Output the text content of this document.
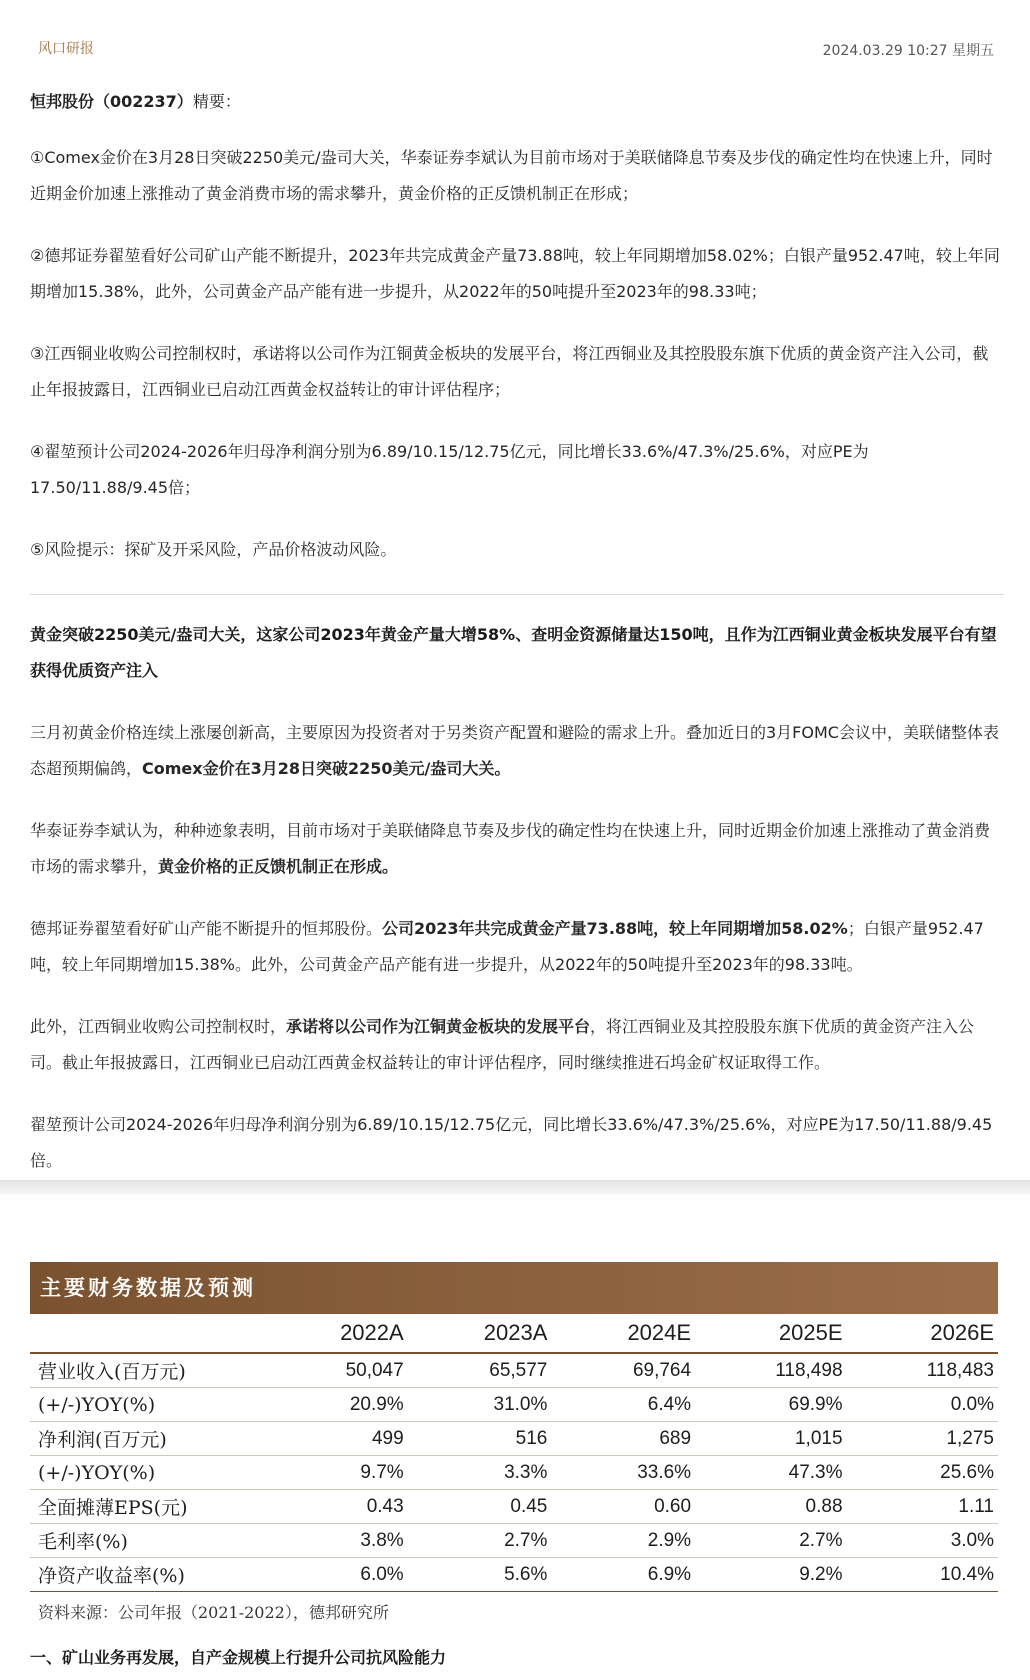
风口研报	2024.03.29 10:27 星期五
恒邦股份（002237）精要：

①Comex金价在3月28日突破2250美元/盎司大关，华泰证券李斌认为目前市场对于美联储降息节奏及步伐的确定性均在快速上升，同时近期金价加速上涨推动了黄金消费市场的需求攀升，黄金价格的正反馈机制正在形成；

②德邦证券翟堃看好公司矿山产能不断提升，2023年共完成黄金产量73.88吨，较上年同期增加58.02%；白银产量952.47吨，较上年同期增加15.38%，此外，公司黄金产品产能有进一步提升，从2022年的50吨提升至2023年的98.33吨；

③江西铜业收购公司控制权时，承诺将以公司作为江铜黄金板块的发展平台，将江西铜业及其控股股东旗下优质的黄金资产注入公司，截止年报披露日，江西铜业已启动江西黄金权益转让的审计评估程序；

④翟堃预计公司2024-2026年归母净利润分别为6.89/10.15/12.75亿元，同比增长33.6%/47.3%/25.6%，对应PE为17.50/11.88/9.45倍；

⑤风险提示：探矿及开采风险，产品价格波动风险。

黄金突破2250美元/盎司大关，这家公司2023年黄金产量大增58%、查明金资源储量达150吨，且作为江西铜业黄金板块发展平台有望获得优质资产注入

三月初黄金价格连续上涨屡创新高，主要原因为投资者对于另类资产配置和避险的需求上升。叠加近日的3月FOMC会议中，美联储整体表态超预期偏鸽，Comex金价在3月28日突破2250美元/盎司大关。

华泰证券李斌认为，种种迹象表明，目前市场对于美联储降息节奏及步伐的确定性均在快速上升，同时近期金价加速上涨推动了黄金消费市场的需求攀升，黄金价格的正反馈机制正在形成。

德邦证券翟堃看好矿山产能不断提升的恒邦股份。公司2023年共完成黄金产量73.88吨，较上年同期增加58.02%；白银产量952.47吨，较上年同期增加15.38%。此外，公司黄金产品产能有进一步提升，从2022年的50吨提升至2023年的98.33吨。

此外，江西铜业收购公司控制权时，承诺将以公司作为江铜黄金板块的发展平台，将江西铜业及其控股股东旗下优质的黄金资产注入公司。截止年报披露日，江西铜业已启动江西黄金权益转让的审计评估程序，同时继续推进石坞金矿权证取得工作。

翟堃预计公司2024-2026年归母净利润分别为6.89/10.15/12.75亿元，同比增长33.6%/47.3%/25.6%，对应PE为17.50/11.88/9.45倍。

主要财务数据及预测
	2022A	2023A	2024E	2025E	2026E
营业收入(百万元)	50,047	65,577	69,764	118,498	118,483
(+/-)YOY(%)	20.9%	31.0%	6.4%	69.9%	0.0%
净利润(百万元)	499	516	689	1,015	1,275
(+/-)YOY(%)	9.7%	3.3%	33.6%	47.3%	25.6%
全面摊薄EPS(元)	0.43	0.45	0.60	0.88	1.11
毛利率(%)	3.8%	2.7%	2.9%	2.7%	3.0%
净资产收益率(%)	6.0%	5.6%	6.9%	9.2%	10.4%
资料来源：公司年报（2021-2022），德邦研究所
一、矿山业务再发展，自产金规模上行提升公司抗风险能力
